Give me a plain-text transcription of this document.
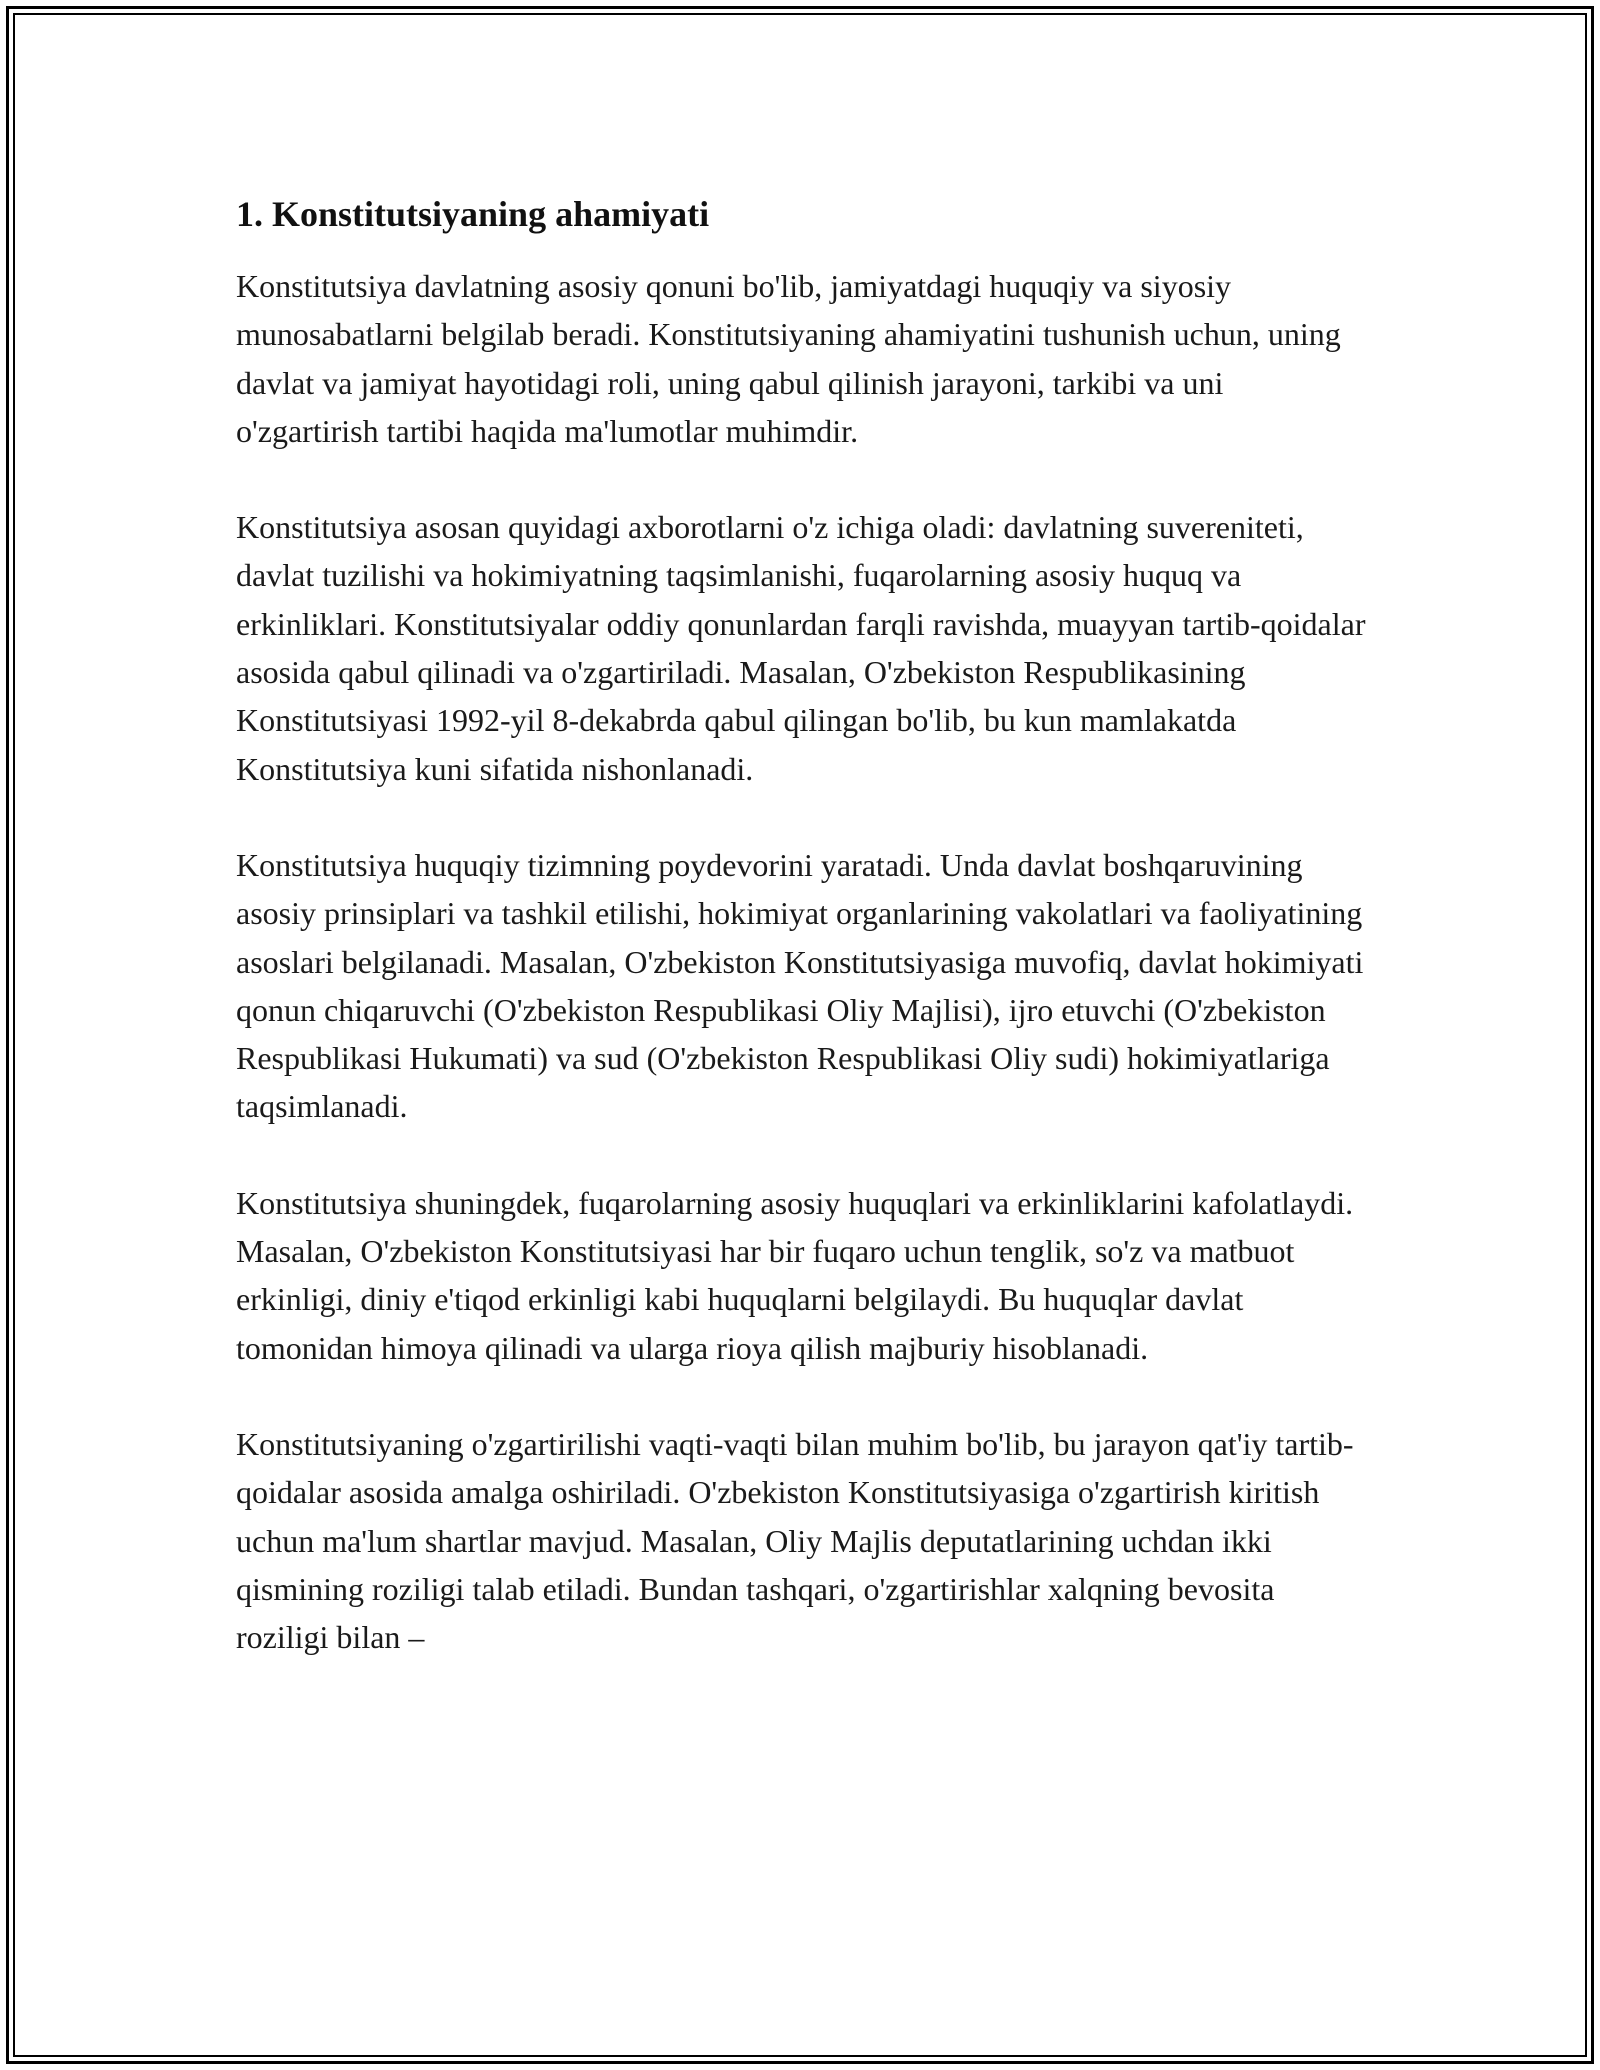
1. Konstitutsiyaning ahamiyati

Konstitutsiya davlatning asosiy qonuni bo'lib, jamiyatdagi huquqiy va siyosiy munosabatlarni belgilab beradi. Konstitutsiyaning ahamiyatini tushunish uchun, uning davlat va jamiyat hayotidagi roli, uning qabul qilinish jarayoni, tarkibi va uni o'zgartirish tartibi haqida ma'lumotlar muhimdir.

Konstitutsiya asosan quyidagi axborotlarni o'z ichiga oladi: davlatning suvereniteti, davlat tuzilishi va hokimiyatning taqsimlanishi, fuqarolarning asosiy huquq va erkinliklari. Konstitutsiyalar oddiy qonunlardan farqli ravishda, muayyan tartib-qoidalar asosida qabul qilinadi va o'zgartiriladi. Masalan, O'zbekiston Respublikasining Konstitutsiyasi 1992-yil 8-dekabrda qabul qilingan bo'lib, bu kun mamlakatda Konstitutsiya kuni sifatida nishonlanadi.

Konstitutsiya huquqiy tizimning poydevorini yaratadi. Unda davlat boshqaruvining asosiy prinsiplari va tashkil etilishi, hokimiyat organlarining vakolatlari va faoliyatining asoslari belgilanadi. Masalan, O'zbekiston Konstitutsiyasiga muvofiq, davlat hokimiyati qonun chiqaruvchi (O'zbekiston Respublikasi Oliy Majlisi), ijro etuvchi (O'zbekiston Respublikasi Hukumati) va sud (O'zbekiston Respublikasi Oliy sudi) hokimiyatlariga taqsimlanadi.

Konstitutsiya shuningdek, fuqarolarning asosiy huquqlari va erkinliklarini kafolatlaydi. Masalan, O'zbekiston Konstitutsiyasi har bir fuqaro uchun tenglik, so'z va matbuot erkinligi, diniy e'tiqod erkinligi kabi huquqlarni belgilaydi. Bu huquqlar davlat tomonidan himoya qilinadi va ularga rioya qilish majburiy hisoblanadi.

Konstitutsiyaning o'zgartirilishi vaqti-vaqti bilan muhim bo'lib, bu jarayon qat'iy tartib-qoidalar asosida amalga oshiriladi. O'zbekiston Konstitutsiyasiga o'zgartirish kiritish uchun ma'lum shartlar mavjud. Masalan, Oliy Majlis deputatlarining uchdan ikki qismining roziligi talab etiladi. Bundan tashqari, o'zgartirishlar xalqning bevosita roziligi bilan –
